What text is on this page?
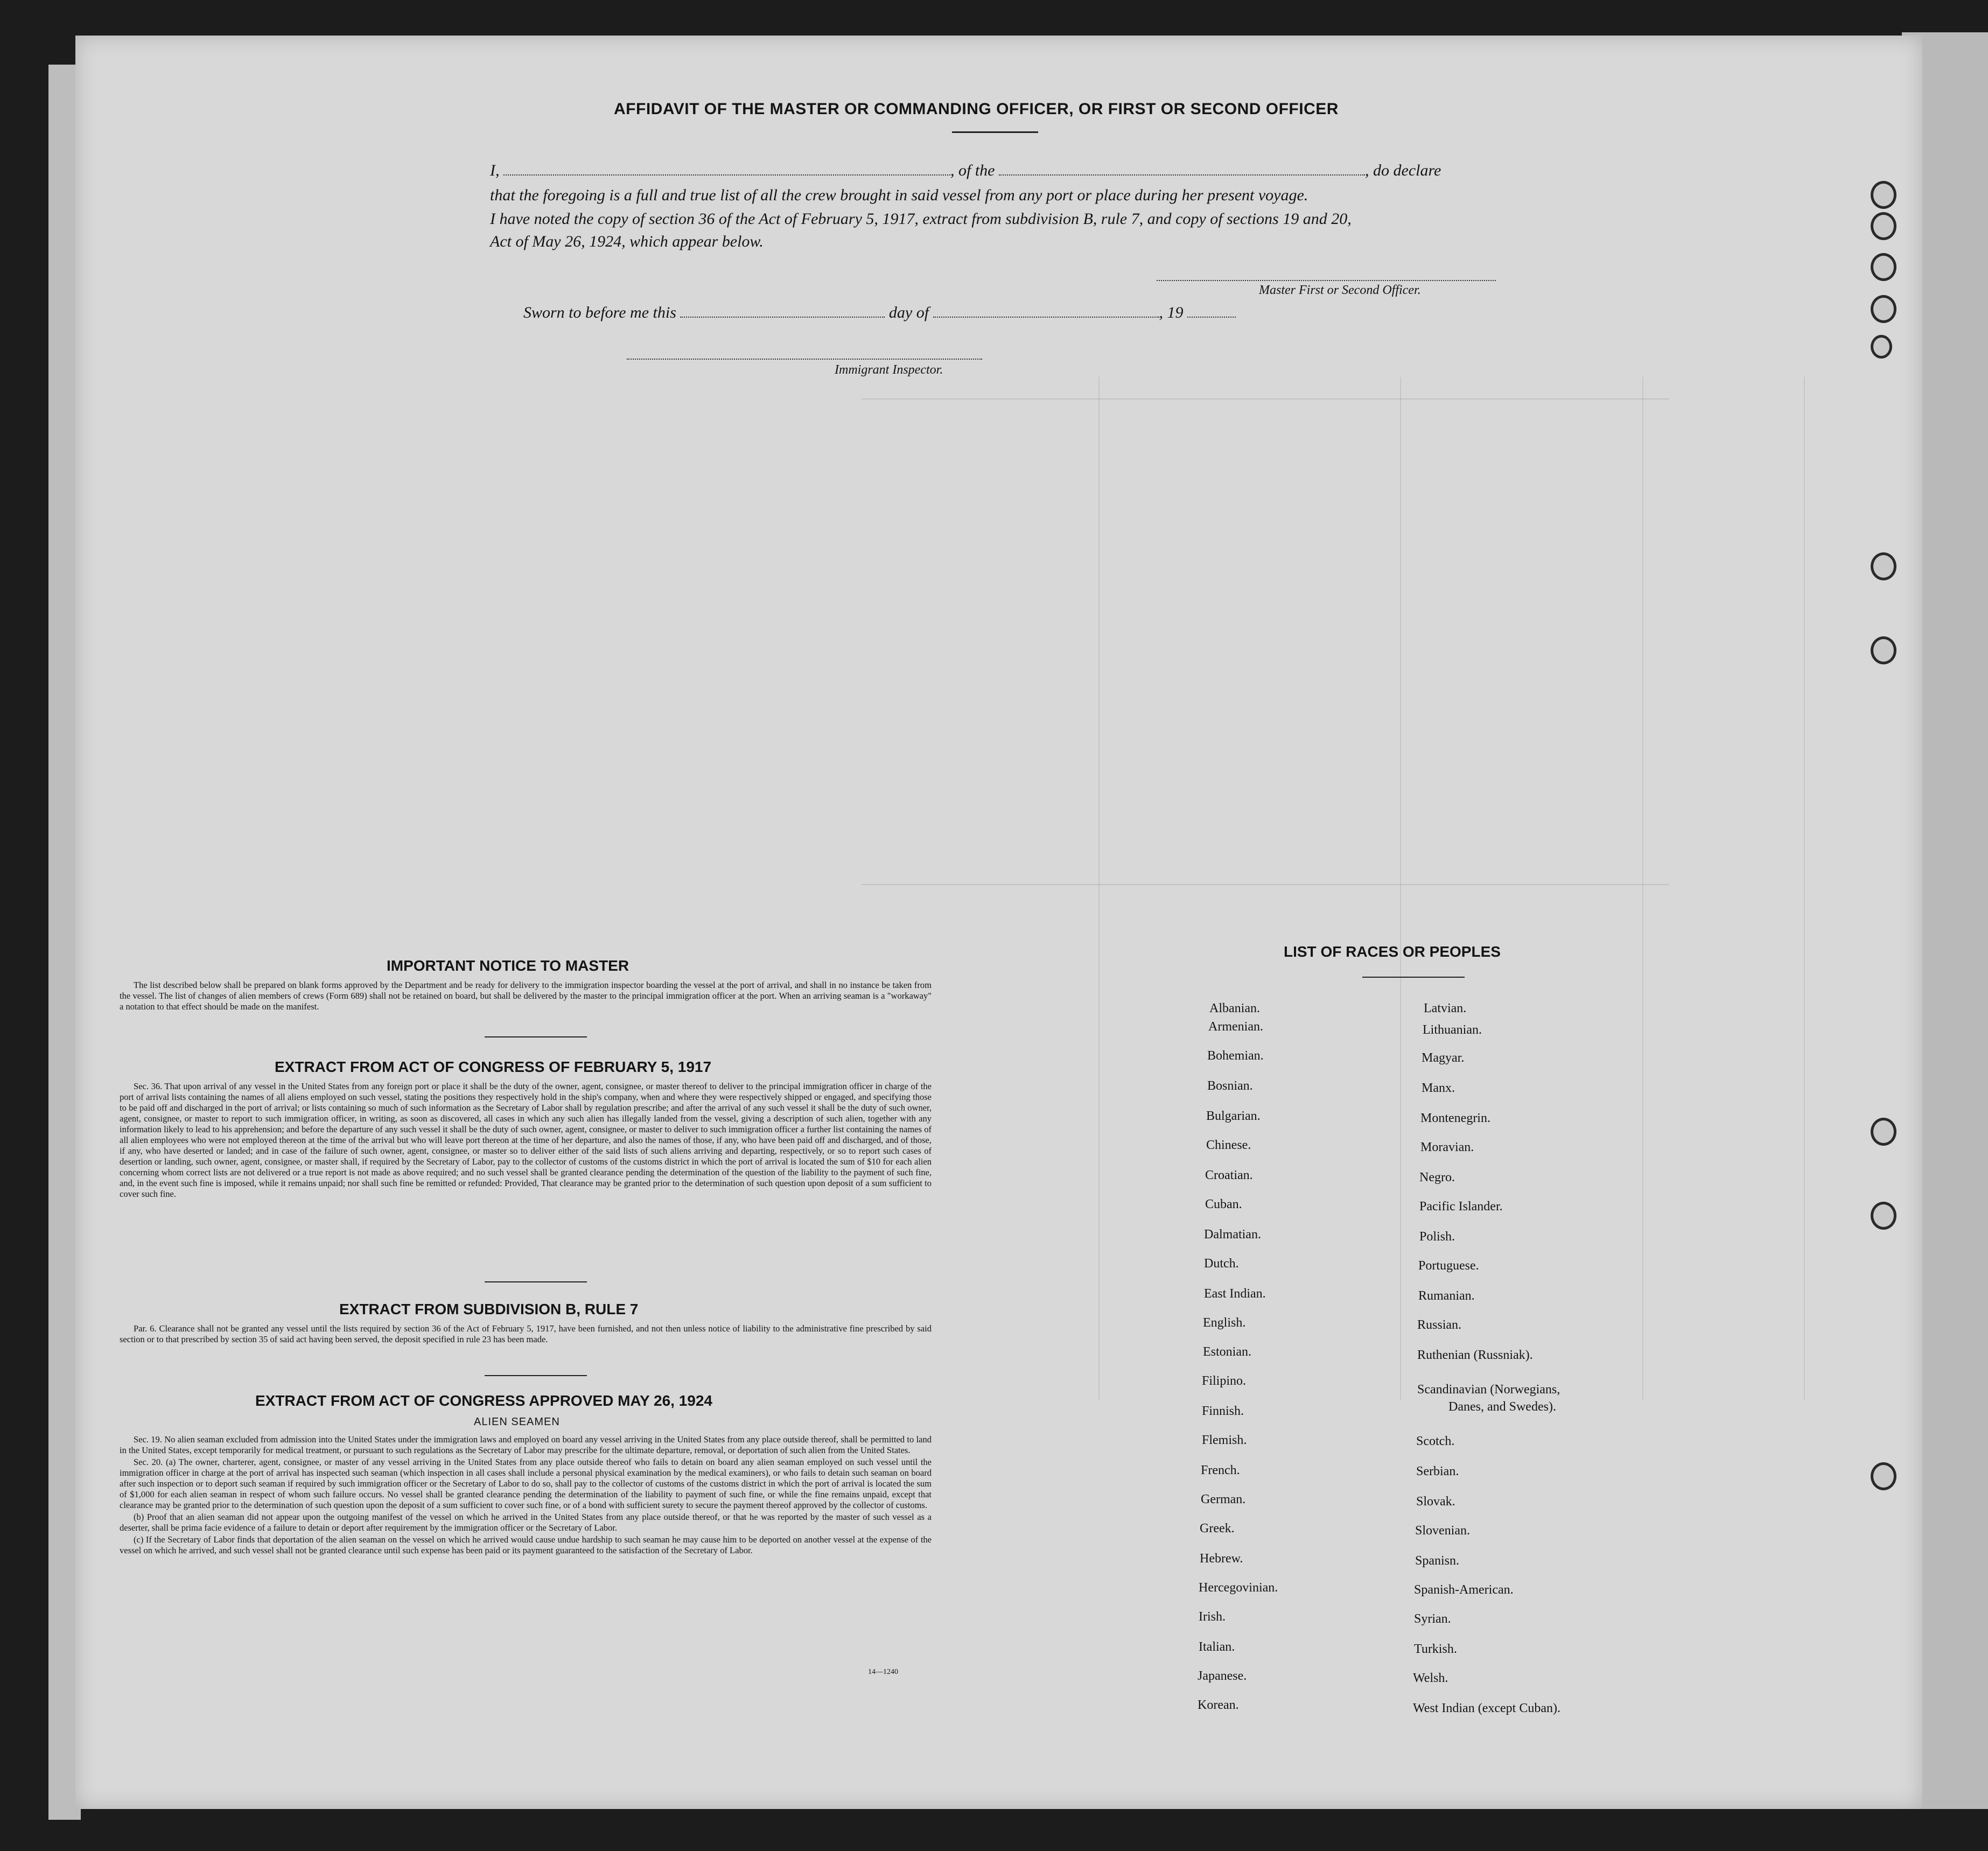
AFFIDAVIT OF THE MASTER OR COMMANDING OFFICER, OR FIRST OR SECOND OFFICER
I,	, of the	, do declare
that the foregoing is a full and true list of all the crew brought in said vessel from any port or place during her present voyage.
I have noted the copy of section 36 of the Act of February 5, 1917, extract from subdivision B, rule 7, and copy of sections 19 and 20,
Act of May 26, 1924, which appear below.
Master First or Second Officer.
Sworn to before me this	day of	, 19
Immigrant Inspector.
IMPORTANT NOTICE TO MASTER

The list described below shall be prepared on blank forms approved by the Department and be ready for delivery to the immigration inspector boarding the vessel at the port of arrival, and shall in no instance be taken from the vessel. The list of changes of alien members of crews (Form 689) shall not be retained on board, but shall be delivered by the master to the principal immigration officer at the port. When an arriving seaman is a "workaway" a notation to that effect should be made on the manifest.

EXTRACT FROM ACT OF CONGRESS OF FEBRUARY 5, 1917

Sec. 36. That upon arrival of any vessel in the United States from any foreign port or place it shall be the duty of the owner, agent, consignee, or master thereof to deliver to the principal immigration officer in charge of the port of arrival lists containing the names of all aliens employed on such vessel, stating the positions they respectively hold in the ship's company, when and where they were respectively shipped or engaged, and specifying those to be paid off and discharged in the port of arrival; or lists containing so much of such information as the Secretary of Labor shall by regulation prescribe; and after the arrival of any such vessel it shall be the duty of such owner, agent, consignee, or master to report to such immigration officer, in writing, as soon as discovered, all cases in which any such alien has illegally landed from the vessel, giving a description of such alien, together with any information likely to lead to his apprehension; and before the departure of any such vessel it shall be the duty of such owner, agent, consignee, or master to deliver to such immigration officer a further list containing the names of all alien employees who were not employed thereon at the time of the arrival but who will leave port thereon at the time of her departure, and also the names of those, if any, who have been paid off and discharged, and of those, if any, who have deserted or landed; and in case of the failure of such owner, agent, consignee, or master so to deliver either of the said lists of such aliens arriving and departing, respectively, or so to report such cases of desertion or landing, such owner, agent, consignee, or master shall, if required by the Secretary of Labor, pay to the collector of customs of the customs district in which the port of arrival is located the sum of $10 for each alien concerning whom correct lists are not delivered or a true report is not made as above required; and no such vessel shall be granted clearance pending the determination of the question of the liability to the payment of such fine, and, in the event such fine is imposed, while it remains unpaid; nor shall such fine be remitted or refunded: Provided, That clearance may be granted prior to the determination of such question upon deposit of a sum sufficient to cover such fine.

EXTRACT FROM SUBDIVISION B, RULE 7

Par. 6. Clearance shall not be granted any vessel until the lists required by section 36 of the Act of February 5, 1917, have been furnished, and not then unless notice of liability to the administrative fine prescribed by said section or to that prescribed by section 35 of said act having been served, the deposit specified in rule 23 has been made.

EXTRACT FROM ACT OF CONGRESS APPROVED MAY 26, 1924
ALIEN SEAMEN

Sec. 19. No alien seaman excluded from admission into the United States under the immigration laws and employed on board any vessel arriving in the United States from any place outside thereof, shall be permitted to land in the United States, except temporarily for medical treatment, or pursuant to such regulations as the Secretary of Labor may prescribe for the ultimate departure, removal, or deportation of such alien from the United States.

Sec. 20. (a) The owner, charterer, agent, consignee, or master of any vessel arriving in the United States from any place outside thereof who fails to detain on board any alien seaman employed on such vessel until the immigration officer in charge at the port of arrival has inspected such seaman (which inspection in all cases shall include a personal physical examination by the medical examiners), or who fails to detain such seaman on board after such inspection or to deport such seaman if required by such immigration officer or the Secretary of Labor to do so, shall pay to the collector of customs of the customs district in which the port of arrival is located the sum of $1,000 for each alien seaman in respect of whom such failure occurs. No vessel shall be granted clearance pending the determination of the liability to payment of such fine, or while the fine remains unpaid, except that clearance may be granted prior to the determination of such question upon the deposit of a sum sufficient to cover such fine, or of a bond with sufficient surety to secure the payment thereof approved by the collector of customs.

(b) Proof that an alien seaman did not appear upon the outgoing manifest of the vessel on which he arrived in the United States from any place outside thereof, or that he was reported by the master of such vessel as a deserter, shall be prima facie evidence of a failure to detain or deport after requirement by the immigration officer or the Secretary of Labor.

(c) If the Secretary of Labor finds that deportation of the alien seaman on the vessel on which he arrived would cause undue hardship to such seaman he may cause him to be deported on another vessel at the expense of the vessel on which he arrived, and such vessel shall not be granted clearance until such expense has been paid or its payment guaranteed to the satisfaction of the Secretary of Labor.

14—1240
LIST OF RACES OR PEOPLES
Albanian.
Armenian.
Bohemian.
Bosnian.
Bulgarian.
Chinese.
Croatian.
Cuban.
Dalmatian.
Dutch.
East Indian.
English.
Estonian.
Filipino.
Finnish.
Flemish.
French.
German.
Greek.
Hebrew.
Hercegovinian.
Irish.
Italian.
Japanese.
Korean.
Latvian.
Lithuanian.
Magyar.
Manx.
Montenegrin.
Moravian.
Negro.
Pacific Islander.
Polish.
Portuguese.
Rumanian.
Russian.
Ruthenian (Russniak).
Scandinavian (Norwegians,
Danes, and Swedes).
Scotch.
Serbian.
Slovak.
Slovenian.
Spanisn.
Spanish-American.
Syrian.
Turkish.
Welsh.
West Indian (except Cuban).
